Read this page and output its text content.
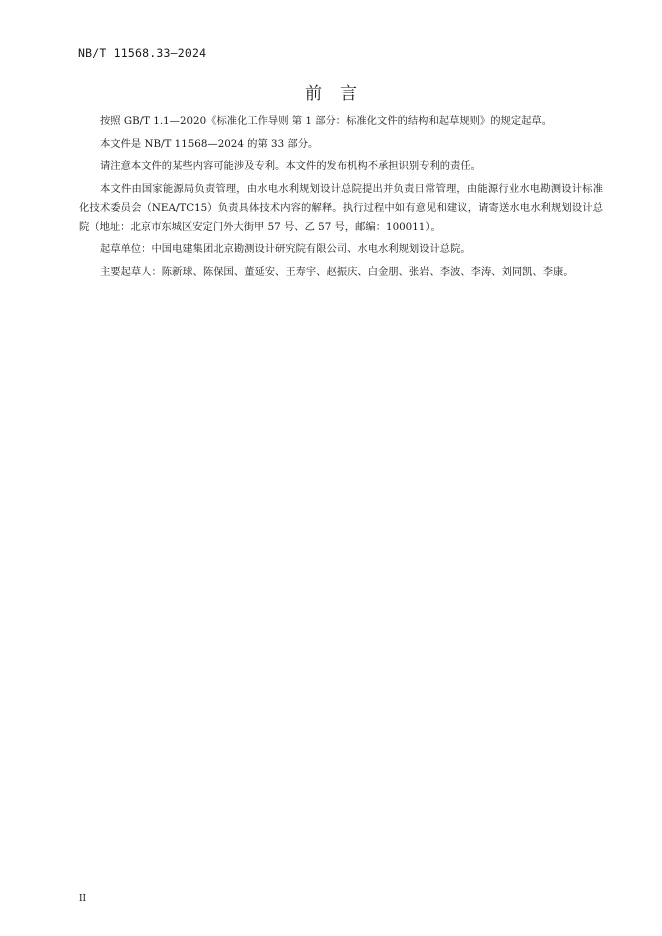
NB/T 11568.33—2024
前言

按照 GB/T 1.1—2020《标准化工作导则 第 1 部分：标准化文件的结构和起草规则》的规定起草。

本文件是 NB/T 11568—2024 的第 33 部分。

请注意本文件的某些内容可能涉及专利。本文件的发布机构不承担识别专利的责任。

本文件由国家能源局负责管理，由水电水利规划设计总院提出并负责日常管理，由能源行业水电勘测设计标准化技术委员会（NEA/TC15）负责具体技术内容的解释。执行过程中如有意见和建议，请寄送水电水利规划设计总院（地址：北京市东城区安定门外大街甲 57 号、乙 57 号，邮编：100011）。

起草单位：中国电建集团北京勘测设计研究院有限公司、水电水利规划设计总院。

主要起草人：陈新球、陈保国、董延安、王寿宇、赵振庆、白金朋、张岩、李波、李涛、刘同凯、李康。

II
